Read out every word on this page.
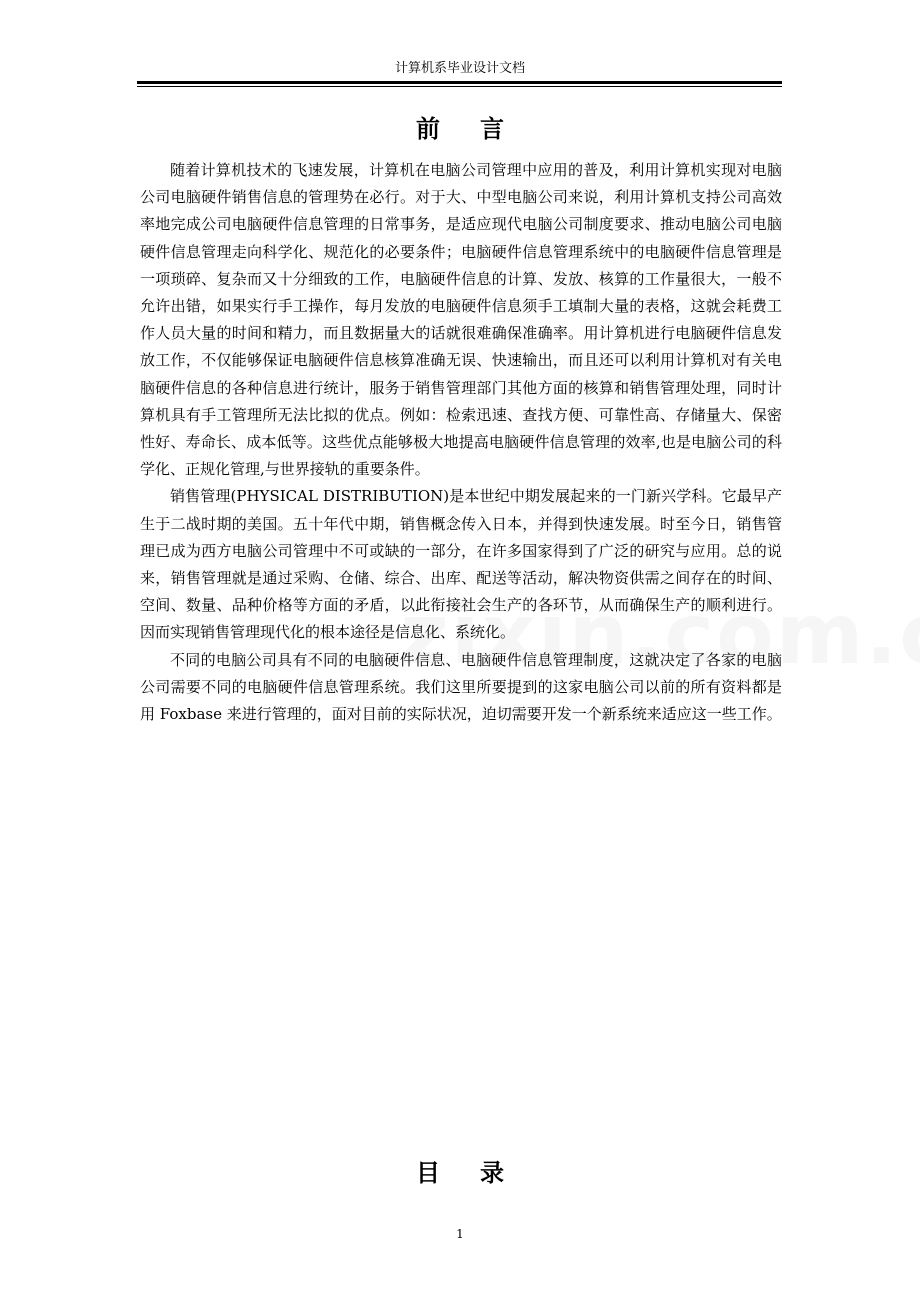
计算机系毕业设计文档
前言

随着计算机技术的飞速发展，计算机在电脑公司管理中应用的普及，利用计算机实现对电脑公司电脑硬件销售信息的管理势在必行。对于大、中型电脑公司来说，利用计算机支持公司高效率地完成公司电脑硬件信息管理的日常事务，是适应现代电脑公司制度要求、推动电脑公司电脑硬件信息管理走向科学化、规范化的必要条件；电脑硬件信息管理系统中的电脑硬件信息管理是一项琐碎、复杂而又十分细致的工作，电脑硬件信息的计算、发放、核算的工作量很大，一般不允许出错，如果实行手工操作，每月发放的电脑硬件信息须手工填制大量的表格，这就会耗费工作人员大量的时间和精力，而且数据量大的话就很难确保准确率。用计算机进行电脑硬件信息发放工作，不仅能够保证电脑硬件信息核算准确无误、快速输出，而且还可以利用计算机对有关电脑硬件信息的各种信息进行统计，服务于销售管理部门其他方面的核算和销售管理处理，同时计算机具有手工管理所无法比拟的优点。例如：检索迅速、查找方便、可靠性高、存储量大、保密性好、寿命长、成本低等。这些优点能够极大地提高电脑硬件信息管理的效率,也是电脑公司的科学化、正规化管理,与世界接轨的重要条件。

销售管理(PHYSICAL DISTRIBUTION)是本世纪中期发展起来的一门新兴学科。它最早产生于二战时期的美国。五十年代中期，销售概念传入日本，并得到快速发展。时至今日，销售管理已成为西方电脑公司管理中不可或缺的一部分，在许多国家得到了广泛的研究与应用。总的说来，销售管理就是通过采购、仓储、综合、出库、配送等活动，解决物资供需之间存在的时间、空间、数量、品种价格等方面的矛盾，以此衔接社会生产的各环节，从而确保生产的顺利进行。因而实现销售管理现代化的根本途径是信息化、系统化。

不同的电脑公司具有不同的电脑硬件信息、电脑硬件信息管理制度，这就决定了各家的电脑公司需要不同的电脑硬件信息管理系统。我们这里所要提到的这家电脑公司以前的所有资料都是用 Foxbase 来进行管理的，面对目前的实际状况，迫切需要开发一个新系统来适应这一些工作。

目录
1
